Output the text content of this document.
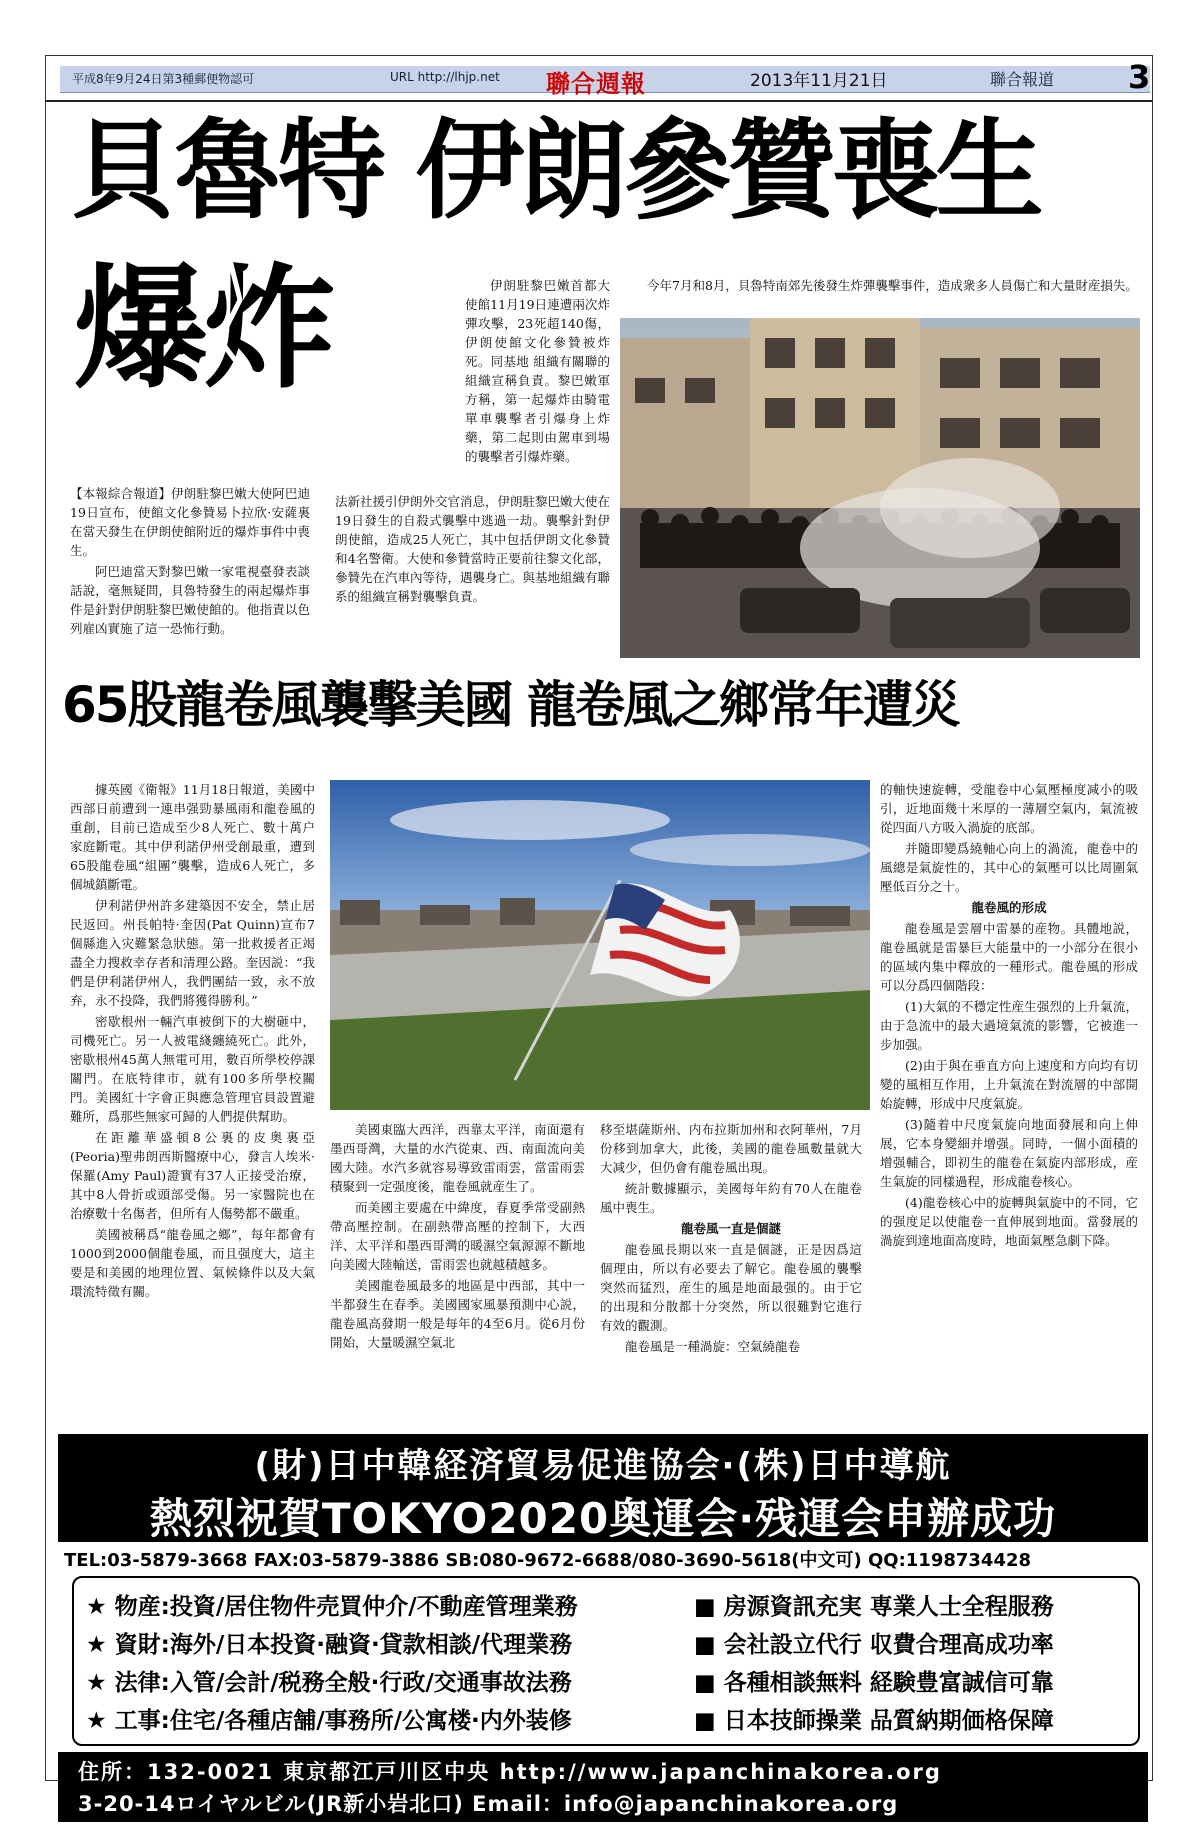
平成8年9月24日第3種郵便物認可	URL http://lhjp.net 聯合週報	2013年11月21日	聯合報道 3
貝魯特 伊朗參贊喪生
爆炸

【本報綜合報道】伊朗駐黎巴嫩大使阿巴迪19日宣布，使館文化參贊易卜拉欣·安薩裏在當天發生在伊朗使館附近的爆炸事件中喪生。

阿巴迪當天對黎巴嫩一家電視臺發表談話說，毫無疑問，貝魯特發生的兩起爆炸事件是針對伊朗駐黎巴嫩使館的。他指責以色列雇凶實施了這一恐怖行動。

伊朗駐黎巴嫩首都大使館11月19日連遭兩次炸彈攻擊，23死超140傷，伊朗使館文化參贊被炸死。同基地 組織有關聯的組織宣稱負責。黎巴嫩軍方稱，第一起爆炸由騎電單車襲擊者引爆身上炸藥，第二起則由駕車到場的襲擊者引爆炸藥。

法新社援引伊朗外交官消息，伊朗駐黎巴嫩大使在19日發生的自殺式襲擊中逃過一劫。襲擊針對伊朗使館，造成25人死亡，其中包括伊朗文化參贊和4名警衛。大使和參贊當時正要前往黎文化部，參贊先在汽車內等待，遇襲身亡。與基地組織有聯系的組織宣稱對襲擊負責。

今年7月和8月，貝魯特南郊先後發生炸彈襲擊事件，造成衆多人員傷亡和大量財産損失。

65股龍卷風襲擊美國 龍卷風之鄉常年遭災

據英國《衛報》11月18日報道，美國中西部日前遭到一連串强勁暴風雨和龍卷風的重創，目前已造成至少8人死亡、數十萬户家庭斷電。其中伊利諾伊州受創最重，遭到65股龍卷風“組團”襲擊，造成6人死亡，多個城鎮斷電。

伊利諾伊州許多建築因不安全，禁止居民返回。州長帕特·奎因(Pat Quinn)宣布7個縣進入灾難緊急狀態。第一批救援者正竭盡全力搜救幸存者和清理公路。奎因説：“我們是伊利諾伊州人，我們團結一致，永不放弃，永不投降，我們將獲得勝利。”

密歇根州一輛汽車被倒下的大樹砸中，司機死亡。另一人被電綫纏繞死亡。此外，密歇根州45萬人無電可用，數百所學校停課關門。在底特律市，就有100多所學校關門。美國紅十字會正與應急管理官員設置避難所，爲那些無家可歸的人們提供幫助。

在距離華盛頓8公裏的皮奥裏亞(Peoria)聖弗朗西斯醫療中心，發言人埃米·保羅(Amy Paul)證實有37人正接受治療，其中8人骨折或頭部受傷。另一家醫院也在治療數十名傷者，但所有人傷勢都不嚴重。

美國被稱爲“龍卷風之鄉”，每年都會有1000到2000個龍卷風，而且强度大，這主要是和美國的地理位置、氣候條件以及大氣環流特徵有關。

美國東臨大西洋，西靠太平洋，南面還有墨西哥灣，大量的水汽從東、西、南面流向美國大陸。水汽多就容易導致雷雨雲，當雷雨雲積聚到一定强度後，龍卷風就産生了。

而美國主要處在中緯度，春夏季常受副熱帶高壓控制。在副熱帶高壓的控制下，大西洋、太平洋和墨西哥灣的暖濕空氣源源不斷地向美國大陸輸送，雷雨雲也就越積越多。

美國龍卷風最多的地區是中西部，其中一半都發生在春季。美國國家風暴預測中心説，龍卷風高發期一般是每年的4至6月。從6月份開始，大量暖濕空氣北

移至堪薩斯州、内布拉斯加州和衣阿華州，7月份移到加拿大，此後，美國的龍卷風數量就大大减少，但仍會有龍卷風出現。

統計數據顯示，美國每年約有70人在龍卷風中喪生。

龍卷風一直是個謎

龍卷風長期以來一直是個謎，正是因爲這個理由，所以有必要去了解它。龍卷風的襲擊突然而猛烈，産生的風是地面最强的。由于它的出現和分散都十分突然，所以很難對它進行有效的觀測。

龍卷風是一種渦旋：空氣繞龍卷

的軸快速旋轉，受龍卷中心氣壓極度减小的吸引，近地面幾十米厚的一薄層空氣内，氣流被從四面八方吸入渦旋的底部。

并隨即變爲繞軸心向上的渦流，龍卷中的風總是氣旋性的，其中心的氣壓可以比周圍氣壓低百分之十。

龍卷風的形成

龍卷風是雲層中雷暴的産物。具體地説，龍卷風就是雷暴巨大能量中的一小部分在很小的區域内集中釋放的一種形式。龍卷風的形成可以分爲四個階段：

(1)大氣的不穩定性産生强烈的上升氣流，由于急流中的最大過境氣流的影響，它被進一步加强。

(2)由于與在垂直方向上速度和方向均有切變的風相互作用，上升氣流在對流層的中部開始旋轉，形成中尺度氣旋。

(3)隨着中尺度氣旋向地面發展和向上伸展，它本身變細并增强。同時，一個小面積的增强輔合，即初生的龍卷在氣旋内部形成，産生氣旋的同樣過程，形成龍卷核心。

(4)龍卷核心中的旋轉與氣旋中的不同，它的强度足以使龍卷一直伸展到地面。當發展的渦旋到達地面高度時，地面氣壓急劇下降。

(財)日中韓経済貿易促進協会·(株)日中導航
熱烈祝賀TOKYO2020奥運会·残運会申辦成功
TEL:03-5879-3668 FAX:03-5879-3886 SB:080-9672-6688/080-3690-5618(中文可) QQ:1198734428
★ 物産:投資/居住物件売買仲介/不動産管理業務
★ 資財:海外/日本投資·融資·貸款相談/代理業務
★ 法律:入管/会計/税務全般·行政/交通事故法務
★ 工事:住宅/各種店舗/事務所/公寓楼·内外装修
■ 房源資訊充実 専業人士全程服務
■ 会社設立代行 収費合理高成功率
■ 各種相談無料 経験豊富誠信可靠
■ 日本技師操業 品質納期価格保障
住所：132-0021 東京都江戸川区中央 http://www.japanchinakorea.org
3-20-14ロイヤルビル(JR新小岩北口) Email：info@japanchinakorea.org
